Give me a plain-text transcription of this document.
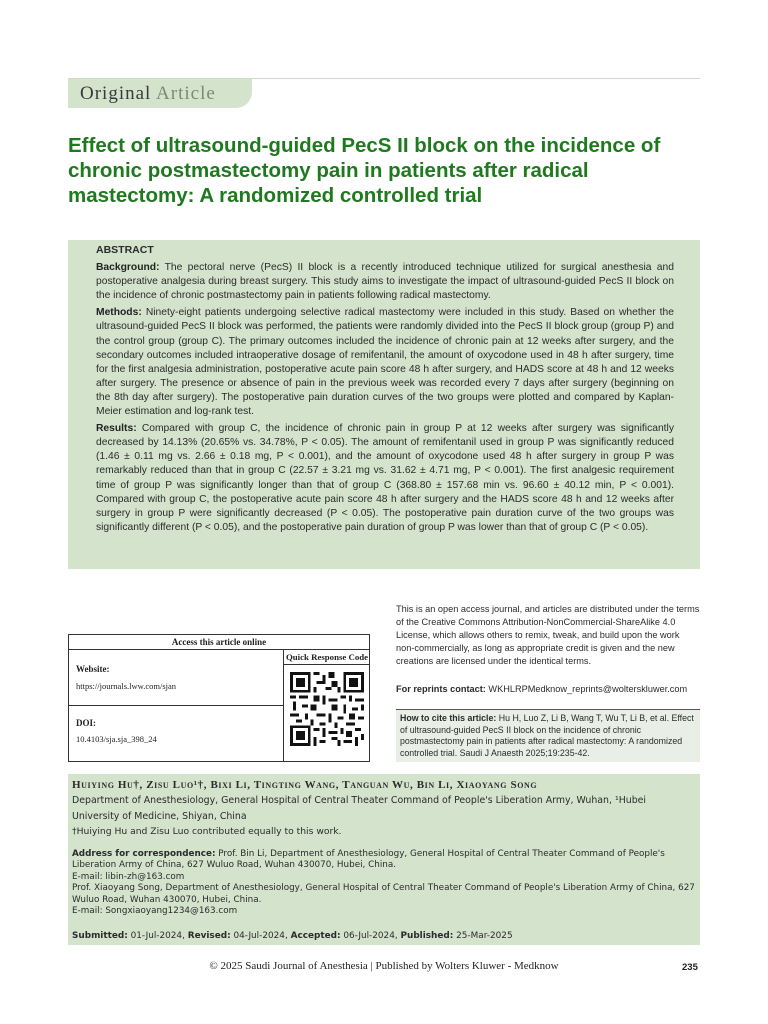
Original Article
Effect of ultrasound-guided PecS II block on the incidence of chronic postmastectomy pain in patients after radical mastectomy: A randomized controlled trial
ABSTRACT

Background: The pectoral nerve (PecS) II block is a recently introduced technique utilized for surgical anesthesia and postoperative analgesia during breast surgery. This study aims to investigate the impact of ultrasound-guided PecS II block on the incidence of chronic postmastectomy pain in patients following radical mastectomy.

Methods: Ninety-eight patients undergoing selective radical mastectomy were included in this study. Based on whether the ultrasound-guided PecS II block was performed, the patients were randomly divided into the PecS II block group (group P) and the control group (group C). The primary outcomes included the incidence of chronic pain at 12 weeks after surgery, and the secondary outcomes included intraoperative dosage of remifentanil, the amount of oxycodone used in 48 h after surgery, time for the first analgesia administration, postoperative acute pain score 48 h after surgery, and HADS score at 48 h and 12 weeks after surgery. The presence or absence of pain in the previous week was recorded every 7 days after surgery (beginning on the 8th day after surgery). The postoperative pain duration curves of the two groups were plotted and compared by Kaplan-Meier estimation and log-rank test.

Results: Compared with group C, the incidence of chronic pain in group P at 12 weeks after surgery was significantly decreased by 14.13% (20.65% vs. 34.78%, P < 0.05). The amount of remifentanil used in group P was significantly reduced (1.46 ± 0.11 mg vs. 2.66 ± 0.18 mg, P < 0.001), and the amount of oxycodone used 48 h after surgery in group P was remarkably reduced than that in group C (22.57 ± 3.21 mg vs. 31.62 ± 4.71 mg, P < 0.001). The first analgesic requirement time of group P was significantly longer than that of group C (368.80 ± 157.68 min vs. 96.60 ± 40.12 min, P < 0.001). Compared with group C, the postoperative acute pain score 48 h after surgery and the HADS score 48 h and 12 weeks after surgery in group P were significantly decreased (P < 0.05). The postoperative pain duration curve of the two groups was significantly different (P < 0.05), and the postoperative pain duration of group P was lower than that of group C (P < 0.05).

This is an open access journal, and articles are distributed under the terms of the Creative Commons Attribution-NonCommercial-ShareAlike 4.0 License, which allows others to remix, tweak, and build upon the work non-commercially, as long as appropriate credit is given and the new creations are licensed under the identical terms.
For reprints contact: WKHLRPMedknow_reprints@wolterskluwer.com
How to cite this article: Hu H, Luo Z, Li B, Wang T, Wu T, Li B, et al. Effect of ultrasound-guided PecS II block on the incidence of chronic postmastectomy pain in patients after radical mastectomy: A randomized controlled trial. Saudi J Anaesth 2025;19:235-42.
Access this article online
Website:
https://journals.lww.com/sjan
DOI:
10.4103/sja.sja_398_24
Quick Response Code
Huiying Hu†, Zisu Luo¹†, Bixi Li, Tingting Wang, Tanguan Wu, Bin Li, Xiaoyang Song
Department of Anesthesiology, General Hospital of Central Theater Command of People's Liberation Army, Wuhan, ¹Hubei University of Medicine, Shiyan, China
†Huiying Hu and Zisu Luo contributed equally to this work.
Address for correspondence: Prof. Bin Li, Department of Anesthesiology, General Hospital of Central Theater Command of People's Liberation Army of China, 627 Wuluo Road, Wuhan 430070, Hubei, China.
E-mail: libin-zh@163.com
Prof. Xiaoyang Song, Department of Anesthesiology, General Hospital of Central Theater Command of People's Liberation Army of China, 627 Wuluo Road, Wuhan 430070, Hubei, China.
E-mail: Songxiaoyang1234@163.com
Submitted: 01-Jul-2024, Revised: 04-Jul-2024, Accepted: 06-Jul-2024, Published: 25-Mar-2025
© 2025 Saudi Journal of Anesthesia | Published by Wolters Kluwer - Medknow	235
